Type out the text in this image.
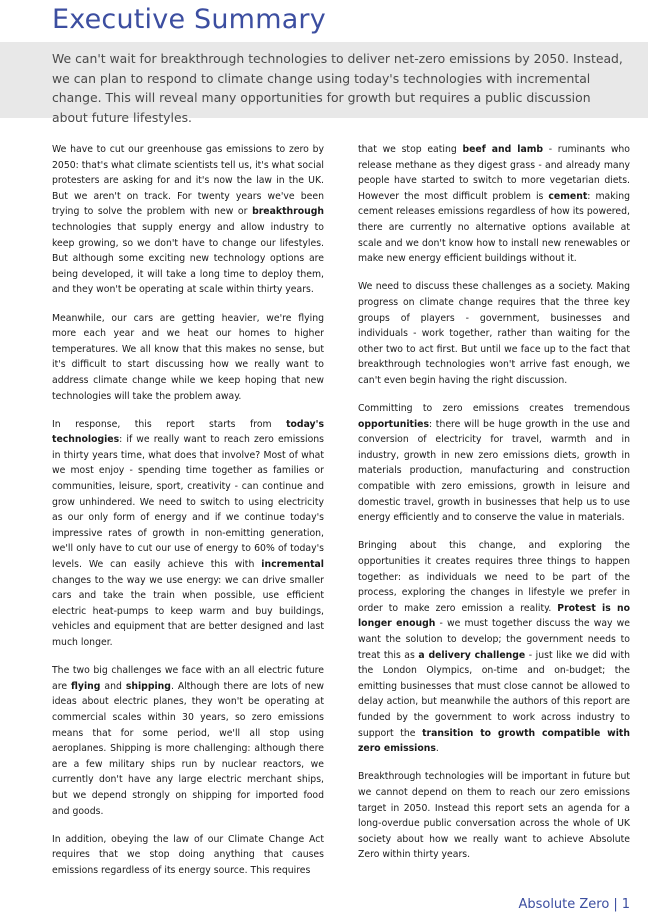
Executive Summary
We can't wait for breakthrough technologies to deliver net-zero emissions by 2050. Instead, we can plan to respond to climate change using today's technologies with incremental change. This will reveal many opportunities for growth but requires a public discussion about future lifestyles.

We have to cut our greenhouse gas emissions to zero by 2050: that's what climate scientists tell us, it's what social protesters are asking for and it's now the law in the UK. But we aren't on track. For twenty years we've been trying to solve the problem with new or breakthrough technologies that supply energy and allow industry to keep growing, so we don't have to change our lifestyles. But although some exciting new technology options are being developed, it will take a long time to deploy them, and they won't be operating at scale within thirty years.

Meanwhile, our cars are getting heavier, we're flying more each year and we heat our homes to higher temperatures. We all know that this makes no sense, but it's difficult to start discussing how we really want to address climate change while we keep hoping that new technologies will take the problem away.

In response, this report starts from today's technologies: if we really want to reach zero emissions in thirty years time, what does that involve? Most of what we most enjoy - spending time together as families or communities, leisure, sport, creativity - can continue and grow unhindered. We need to switch to using electricity as our only form of energy and if we continue today's impressive rates of growth in non-emitting generation, we'll only have to cut our use of energy to 60% of today's levels. We can easily achieve this with incremental changes to the way we use energy: we can drive smaller cars and take the train when possible, use efficient electric heat-pumps to keep warm and buy buildings, vehicles and equipment that are better designed and last much longer.

The two big challenges we face with an all electric future are flying and shipping. Although there are lots of new ideas about electric planes, they won't be operating at commercial scales within 30 years, so zero emissions means that for some period, we'll all stop using aeroplanes. Shipping is more challenging: although there are a few military ships run by nuclear reactors, we currently don't have any large electric merchant ships, but we depend strongly on shipping for imported food and goods.

In addition, obeying the law of our Climate Change Act requires that we stop doing anything that causes emissions regardless of its energy source. This requires

that we stop eating beef and lamb - ruminants who release methane as they digest grass - and already many people have started to switch to more vegetarian diets. However the most difficult problem is cement: making cement releases emissions regardless of how its powered, there are currently no alternative options available at scale and we don't know how to install new renewables or make new energy efficient buildings without it.

We need to discuss these challenges as a society. Making progress on climate change requires that the three key groups of players - government, businesses and individuals - work together, rather than waiting for the other two to act first. But until we face up to the fact that breakthrough technologies won't arrive fast enough, we can't even begin having the right discussion.

Committing to zero emissions creates tremendous opportunities: there will be huge growth in the use and conversion of electricity for travel, warmth and in industry, growth in new zero emissions diets, growth in materials production, manufacturing and construction compatible with zero emissions, growth in leisure and domestic travel, growth in businesses that help us to use energy efficiently and to conserve the value in materials.

Bringing about this change, and exploring the opportunities it creates requires three things to happen together: as individuals we need to be part of the process, exploring the changes in lifestyle we prefer in order to make zero emission a reality. Protest is no longer enough - we must together discuss the way we want the solution to develop; the government needs to treat this as a delivery challenge - just like we did with the London Olympics, on-time and on-budget; the emitting businesses that must close cannot be allowed to delay action, but meanwhile the authors of this report are funded by the government to work across industry to support the transition to growth compatible with zero emissions.

Breakthrough technologies will be important in future but we cannot depend on them to reach our zero emissions target in 2050. Instead this report sets an agenda for a long-overdue public conversation across the whole of UK society about how we really want to achieve Absolute Zero within thirty years.

Absolute Zero | 1
